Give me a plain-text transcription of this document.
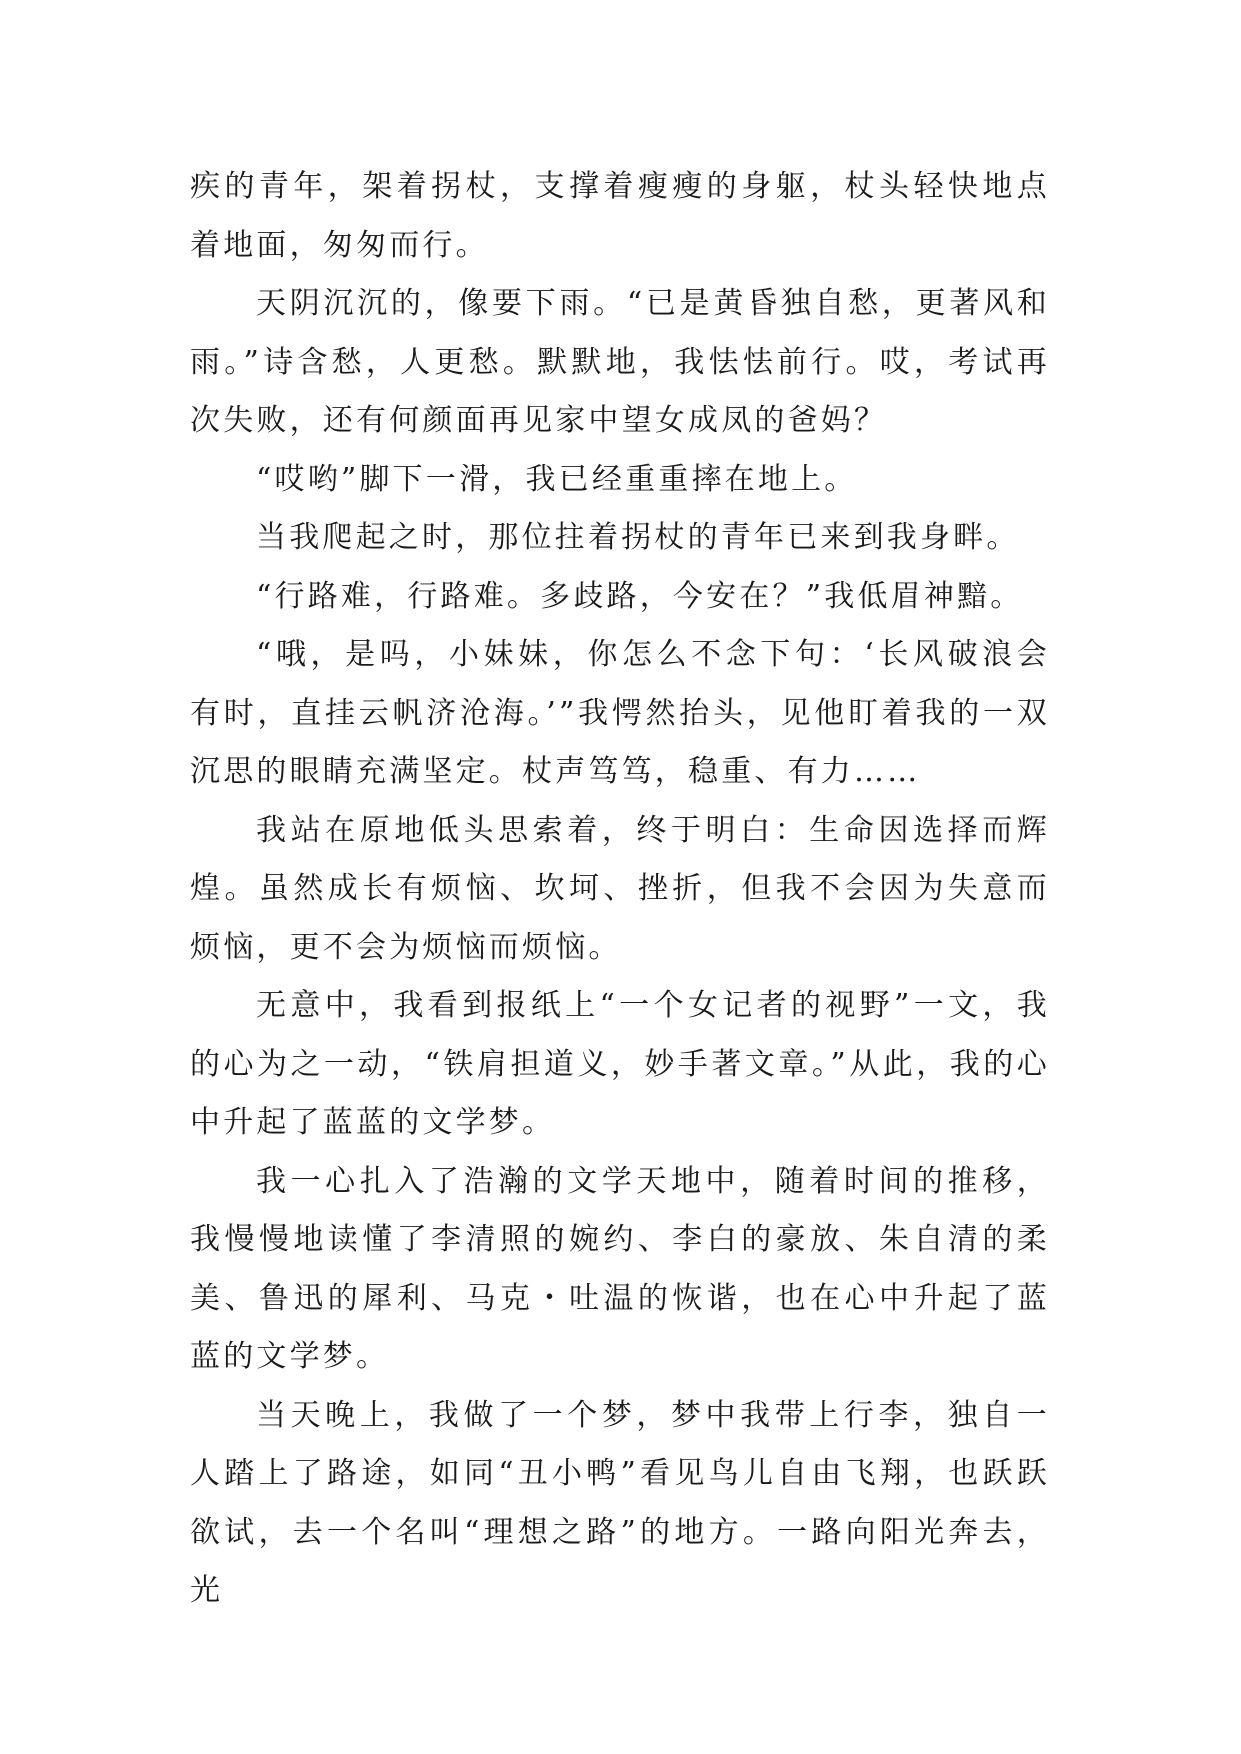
疾的青年，架着拐杖，支撑着瘦瘦的身躯，杖头轻快地点着地面，匆匆而行。

天阴沉沉的，像要下雨。“已是黄昏独自愁，更著风和雨。”诗含愁，人更愁。默默地，我怯怯前行。哎，考试再次失败，还有何颜面再见家中望女成凤的爸妈？

“哎哟”脚下一滑，我已经重重摔在地上。

当我爬起之时，那位拄着拐杖的青年已来到我身畔。

“行路难，行路难。多歧路，今安在？”我低眉神黯。

“哦，是吗，小妹妹，你怎么不念下句：‘长风破浪会有时，直挂云帆济沧海。’”我愕然抬头，见他盯着我的一双沉思的眼睛充满坚定。杖声笃笃，稳重、有力……

我站在原地低头思索着，终于明白：生命因选择而辉煌。虽然成长有烦恼、坎坷、挫折，但我不会因为失意而烦恼，更不会为烦恼而烦恼。

无意中，我看到报纸上“一个女记者的视野”一文，我的心为之一动，“铁肩担道义，妙手著文章。”从此，我的心中升起了蓝蓝的文学梦。

我一心扎入了浩瀚的文学天地中，随着时间的推移，我慢慢地读懂了李清照的婉约、李白的豪放、朱自清的柔美、鲁迅的犀利、马克・吐温的恢谐，也在心中升起了蓝蓝的文学梦。

当天晚上，我做了一个梦，梦中我带上行李，独自一人踏上了路途，如同“丑小鸭”看见鸟儿自由飞翔，也跃跃欲试，去一个名叫“理想之路”的地方。一路向阳光奔去，光
